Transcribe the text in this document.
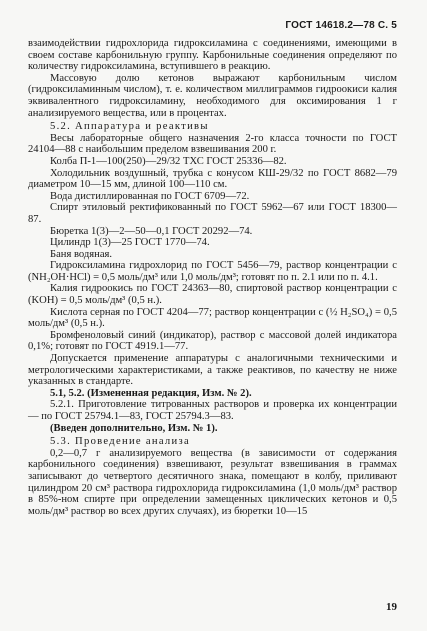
ГОСТ 14618.2—78 С. 5

взаимодействии гидрохлорида гидроксиламина с соединениями, имеющими в своем составе карбонильную группу. Карбонильные соединения определяют по количеству гидроксиламина, вступившего в реакцию.

Массовую долю кетонов выражают карбонильным числом (гидроксиламинным числом), т. е. количеством миллиграммов гидроокиси калия эквивалентного гидроксиламину, необходимого для оксимирования 1 г анализируемого вещества, или в процентах.

5.2. Аппаратура и реактивы

Весы лабораторные общего назначения 2-го класса точности по ГОСТ 24104—88 с наибольшим пределом взвешивания 200 г.

Колба П-1—100(250)—29/32 ТХС ГОСТ 25336—82.

Холодильник воздушный, трубка с конусом КШ-29/32 по ГОСТ 8682—79 диаметром 10—15 мм, длиной 100—110 см.

Вода дистиллированная по ГОСТ 6709—72.

Спирт этиловый ректификованный по ГОСТ 5962—67 или ГОСТ 18300—87.

Бюретка 1(3)—2—50—0,1 ГОСТ 20292—74.

Цилиндр 1(3)—25 ГОСТ 1770—74.

Баня водяная.

Гидроксиламина гидрохлорид по ГОСТ 5456—79, раствор концентрации c (NH₂OH·HCl) = 0,5 моль/дм³ или 1,0 моль/дм³; готовят по п. 2.1 или по п. 4.1.

Калия гидроокись по ГОСТ 24363—80, спиртовой раствор концентрации c (KOH) = 0,5 моль/дм³ (0,5 н.).

Кислота серная по ГОСТ 4204—77; раствор концентрации c (½ H₂SO₄) = 0,5 моль/дм³ (0,5 н.).

Бромфеноловый синий (индикатор), раствор с массовой долей индикатора 0,1%; готовят по ГОСТ 4919.1—77.

Допускается применение аппаратуры с аналогичными техническими и метрологическими характеристиками, а также реактивов, по качеству не ниже указанных в стандарте.

5.1, 5.2. (Измененная редакция, Изм. № 2).

5.2.1. Приготовление титрованных растворов и проверка их концентрации — по ГОСТ 25794.1—83, ГОСТ 25794.3—83.

(Введен дополнительно, Изм. № 1).

5.3. Проведение анализа

0,2—0,7 г анализируемого вещества (в зависимости от содержания карбонильного соединения) взвешивают, результат взвешивания в граммах записывают до четвертого десятичного знака, помещают в колбу, приливают цилиндром 20 см³ раствора гидрохлорида гидроксиламина (1,0 моль/дм³ раствор в 85%-ном спирте при определении замещенных циклических кетонов и 0,5 моль/дм³ раствор во всех других случаях), из бюретки 10—15

19
